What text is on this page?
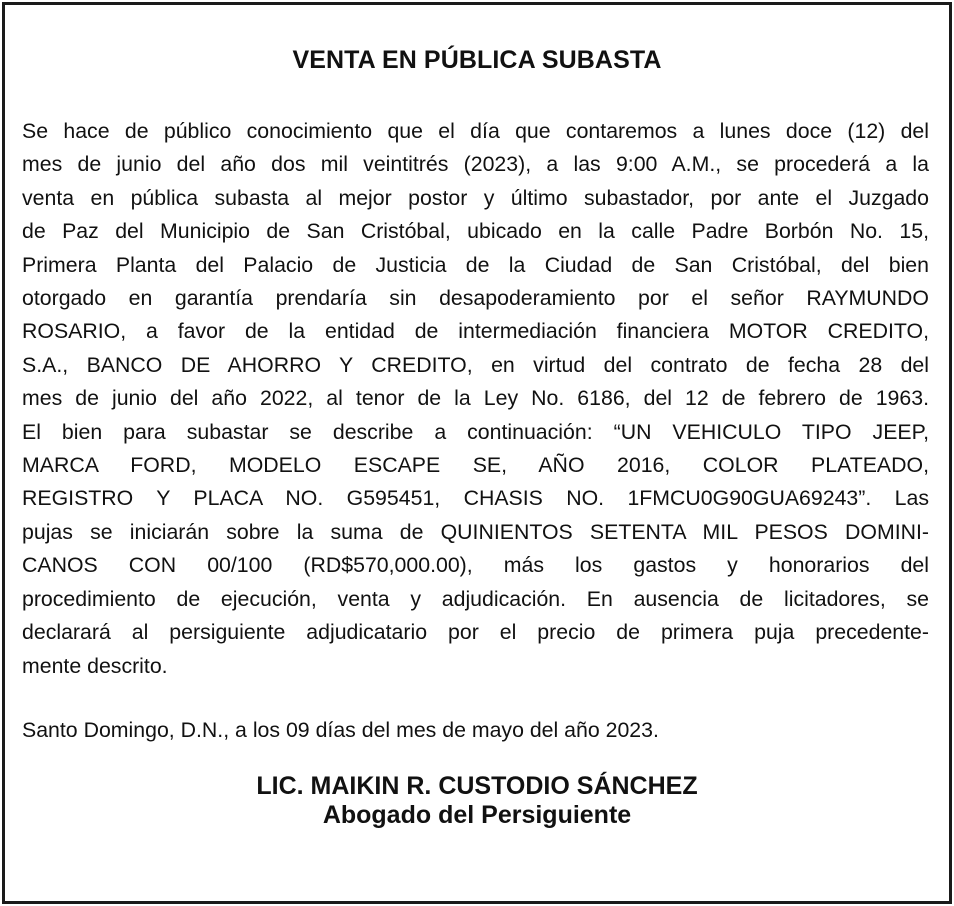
VENTA EN PÚBLICA SUBASTA
Se hace de público conocimiento que el día que contaremos a lunes doce (12) del
mes de junio del año dos mil veintitrés (2023), a las 9:00 A.M., se procederá a la
venta en pública subasta al mejor postor y último subastador, por ante el Juzgado
de Paz del Municipio de San Cristóbal, ubicado en la calle Padre Borbón No. 15,
Primera Planta del Palacio de Justicia de la Ciudad de San Cristóbal, del bien
otorgado en garantía prendaría sin desapoderamiento por el señor RAYMUNDO
ROSARIO, a favor de la entidad de intermediación financiera MOTOR CREDITO,
S.A., BANCO DE AHORRO Y CREDITO, en virtud del contrato de fecha 28 del
mes de junio del año 2022, al tenor de la Ley No. 6186, del 12 de febrero de 1963.
El bien para subastar se describe a continuación: “UN VEHICULO TIPO JEEP,
MARCA FORD, MODELO ESCAPE SE, AÑO 2016, COLOR PLATEADO,
REGISTRO Y PLACA NO. G595451, CHASIS NO. 1FMCU0G90GUA69243”. Las
pujas se iniciarán sobre la suma de QUINIENTOS SETENTA MIL PESOS DOMINI-
CANOS CON 00/100 (RD$570,000.00), más los gastos y honorarios del
procedimiento de ejecución, venta y adjudicación. En ausencia de licitadores, se
declarará al persiguiente adjudicatario por el precio de primera puja precedente-
mente descrito.

Santo Domingo, D.N., a los 09 días del mes de mayo del año 2023.

LIC. MAIKIN R. CUSTODIO SÁNCHEZ
Abogado del Persiguiente
